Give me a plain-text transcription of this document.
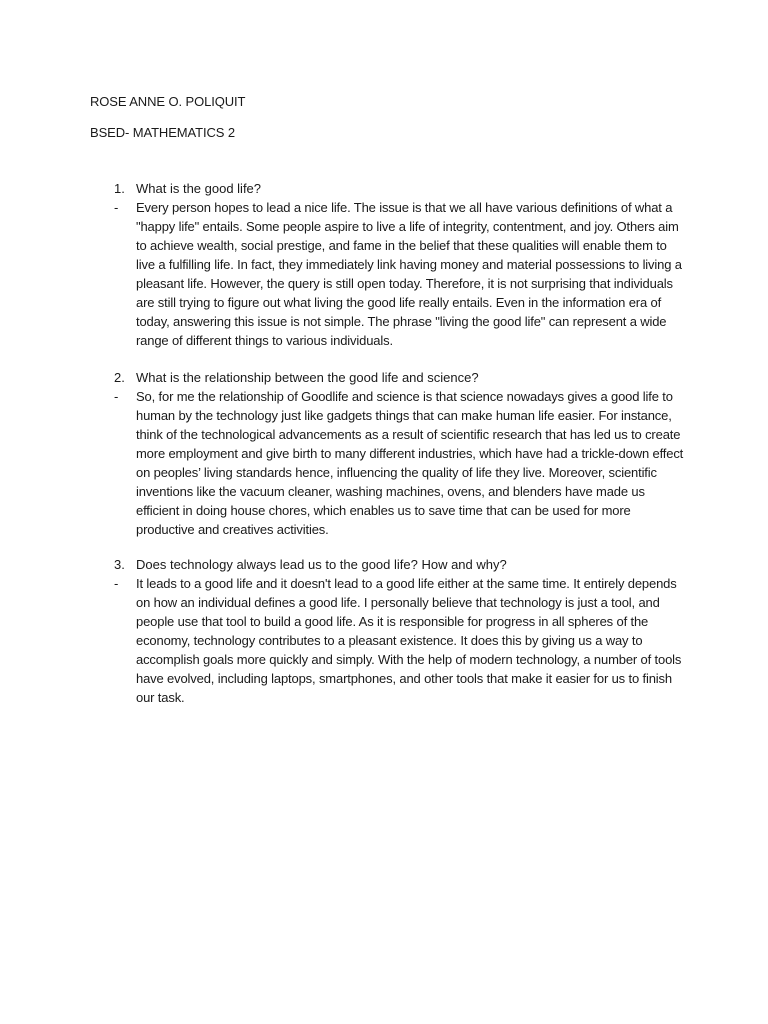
ROSE ANNE O. POLIQUIT
BSED- MATHEMATICS 2
1. What is the good life?
- Every person hopes to lead a nice life. The issue is that we all have various definitions of what a "happy life" entails. Some people aspire to live a life of integrity, contentment, and joy. Others aim to achieve wealth, social prestige, and fame in the belief that these qualities will enable them to live a fulfilling life. In fact, they immediately link having money and material possessions to living a pleasant life. However, the query is still open today. Therefore, it is not surprising that individuals are still trying to figure out what living the good life really entails. Even in the information era of today, answering this issue is not simple. The phrase "living the good life" can represent a wide range of different things to various individuals.
2. What is the relationship between the good life and science?
- So, for me the relationship of Goodlife and science is that science nowadays gives a good life to human by the technology just like gadgets things that can make human life easier. For instance, think of the technological advancements as a result of scientific research that has led us to create more employment and give birth to many different industries, which have had a trickle-down effect on peoples’ living standards hence, influencing the quality of life they live. Moreover, scientific inventions like the vacuum cleaner, washing machines, ovens, and blenders have made us efficient in doing house chores, which enables us to save time that can be used for more productive and creatives activities.
3. Does technology always lead us to the good life? How and why?
- It leads to a good life and it doesn't lead to a good life either at the same time. It entirely depends on how an individual defines a good life. I personally believe that technology is just a tool, and people use that tool to build a good life. As it is responsible for progress in all spheres of the economy, technology contributes to a pleasant existence. It does this by giving us a way to accomplish goals more quickly and simply. With the help of modern technology, a number of tools have evolved, including laptops, smartphones, and other tools that make it easier for us to finish our task.
